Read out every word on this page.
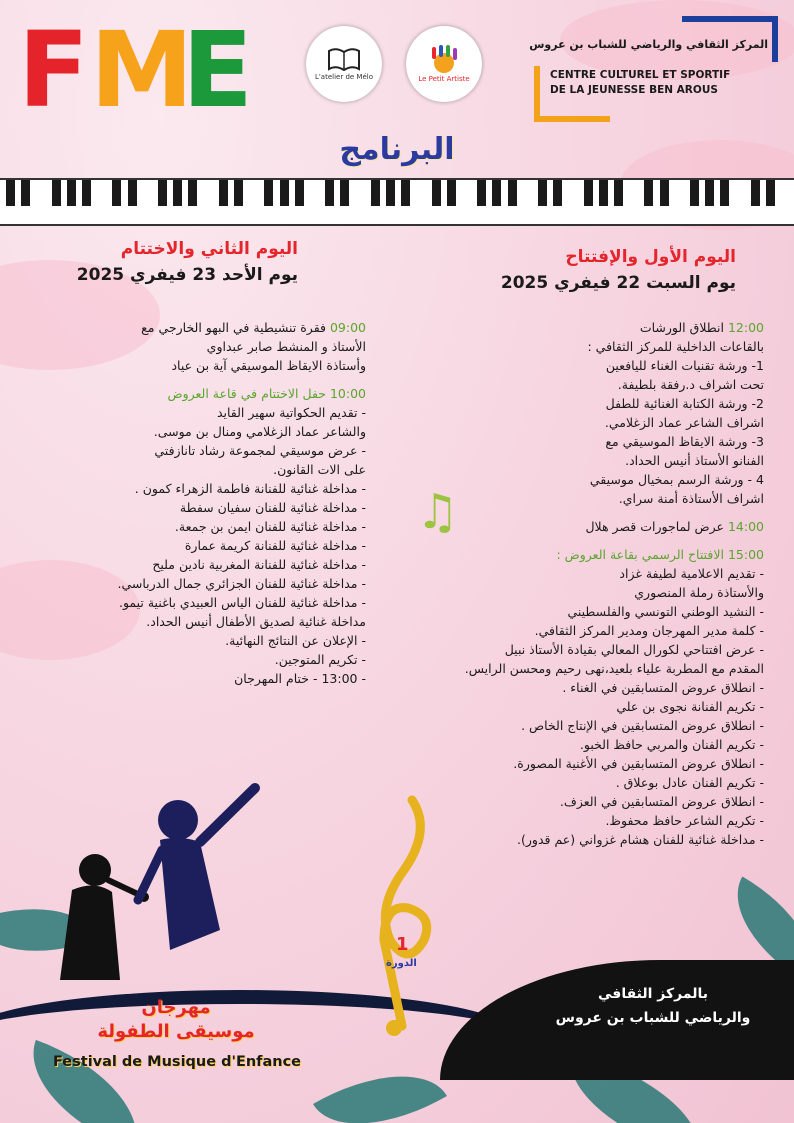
F M
E	L'atelier de Mélo	Le Petit Artiste
المركز الثقافي والرياضي للشباب بن عروس
CENTRE CULTUREL ET SPORTIF
DE LA JEUNESSE BEN AROUS
البرنامج
اليوم الأول والإفتتاح
يوم السبت 22 فيفري 2025
اليوم الثاني والاختتام
يوم الأحد 23 فيفري 2025
12:00 انطلاق الورشات
بالقاعات الداخلية للمركز الثقافي :
1- ورشة تقنيات الغناء لليافعين
تحت اشراف د.رفقة بلطيفة.
2- ورشة الكتابة الغنائية للطفل
اشراف الشاعر عماد الزغلامي.
3- ورشة الايقاظ الموسيقي مع
الفنانو الأستاذ أنيس الحداد.
4 - ورشة الرسم بمخيال موسيقي
اشراف الأستاذة أمنة سراي.
14:00 عرض لماجورات قصر هلال
15:00 الافتتاح الرسمي بقاعة العروض :
- تقديم الاعلامية لطيفة غزاد
والأستاذة رملة المنصوري
- النشيد الوطني التونسي والفلسطيني
- كلمة مدير المهرجان ومدير المركز الثقافي.
- عرض افتتاحي لكورال المعالي بقيادة الأستاذ نبيل
المقدم مع المطربة علياء بلعيد،نهى رحيم ومحسن الرايس.
- انطلاق عروض المتسابقين في الغناء .
- تكريم الفنانة نجوى بن علي
- انطلاق عروض المتسابقين في الإنتاج الخاص .
- تكريم الفنان والمربي حافظ الخبو.
- انطلاق عروض المتسابقين في الأغنية المصورة.
- تكريم الفنان عادل بوعلاق .
- انطلاق عروض المتسابقين في العزف.
- تكريم الشاعر حافظ محفوظ.
- مداخلة غنائية للفنان هشام غزواني (عم قدور).
09:00 فقرة تنشيطية في البهو الخارجي مع
الأستاذ و المنشط صابر عبداوي
وأستاذة الايقاظ الموسيقي آية بن عياد
10:00 حفل الاختتام في قاعة العروض
- تقديم الحكواتية سهير القايد
والشاعر عماد الزغلامي ومنال بن موسى.
- عرض موسيقي لمجموعة رشاد تانازفتي
على الات القانون.
- مداخلة غنائية للفنانة فاطمة الزهراء كمون .
- مداخلة غنائية للفنان سفيان سفطة
- مداخلة غنائية للفنان ايمن بن جمعة.
- مداخلة غنائية للفنانة كريمة عمارة
- مداخلة غنائية للفنانة المغربية نادين مليح
- مداخلة غنائية للفنان الجزائري جمال الدرباسي.
- مداخلة غنائية للفنان الياس العبيدي باغنية تيمو.
مداخلة غنائية لصديق الأطفال أنيس الحداد.
- الإعلان عن النتائج النهائية.
- تكريم المتوجين.
- 13:00 - ختام المهرجان
♫
1
الدورة
بالمركز الثقافي
والرياضي للشباب بن عروس
مهرجان
موسيقى الطفولة
Festival de Musique d'Enfance
